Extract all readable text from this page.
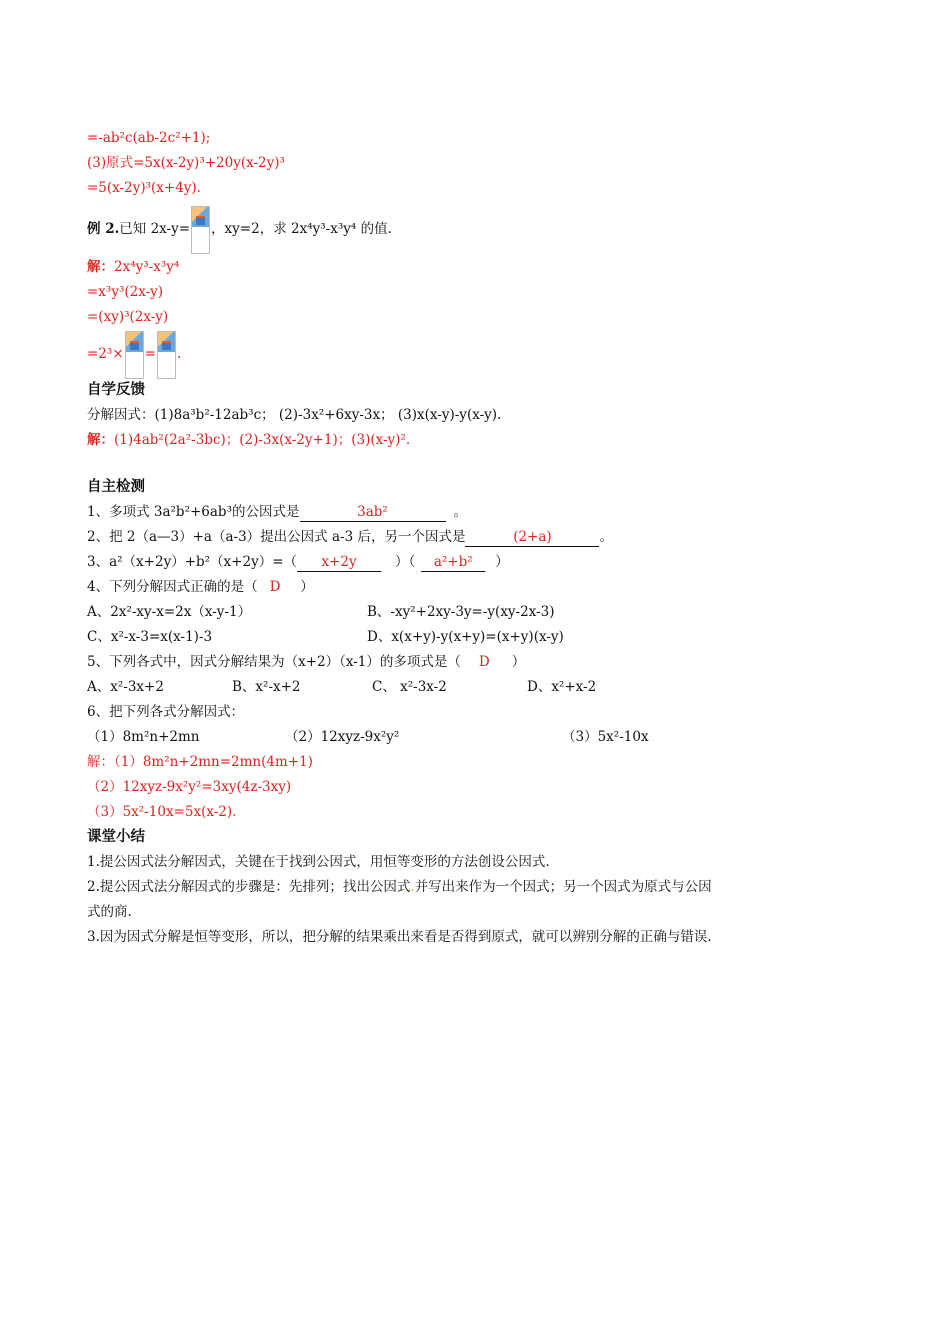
=-ab²c(ab-2c²+1);
(3)原式=5x(x-2y)³+20y(x-2y)³
=5(x-2y)³(x+4y).
例 2.已知 2x-y= ，xy=2，求 2x⁴y³-x³y⁴ 的值.
解：2x⁴y³-x³y⁴
=x³y³(2x-y)
=(xy)³(2x-y)
=2³× = .
自学反馈
分解因式：(1)8a³b²-12ab³c； (2)-3x²+6xy-3x； (3)x(x-y)-y(x-y).
解：(1)4ab²(2a²-3bc)；(2)-3x(x-2y+1)；(3)(x-y)².
自主检测
1、多项式 3a²b²+6ab³的公因式是	3ab²	。
2、把 2（a—3）+a（a-3）提出公因式 a-3 后，另一个因式是	(2+a)	。
3、a²（x+2y）+b²（x+2y）=（ x+2y	）（ a²+b² ）
4、下列分解因式正确的是（ D ）
A、2x²-xy-x=2x（x-y-1）	B、-xy²+2xy-3y=-y(xy-2x-3)
C、x²-x-3=x(x-1)-3	D、x(x+y)-y(x+y)=(x+y)(x-y)
5、下列各式中，因式分解结果为（x+2）（x-1）的多项式是（ D ）
A、x²-3x+2	B、x²-x+2	C、 x²-3x-2	D、x²+x-2
6、把下列各式分解因式：
（1）8m²n+2mn	（2）12xyz-9x²y²	（3）5x²-10x
解：（1）8m²n+2mn=2mn(4m+1)
（2）12xyz-9x²y²=3xy(4z-3xy)
（3）5x²-10x=5x(x-2).
课堂小结
1.提公因式法分解因式，关键在于找到公因式，用恒等变形的方法创设公因式.
2.提公因式法分解因式的步骤是：先排列；找出公因式.并写出来作为一个因式；另一个因式为原式与公因
式的商.
3.因为因式分解是恒等变形，所以，把分解的结果乘出来看是否得到原式，就可以辨别分解的正确与错误.
